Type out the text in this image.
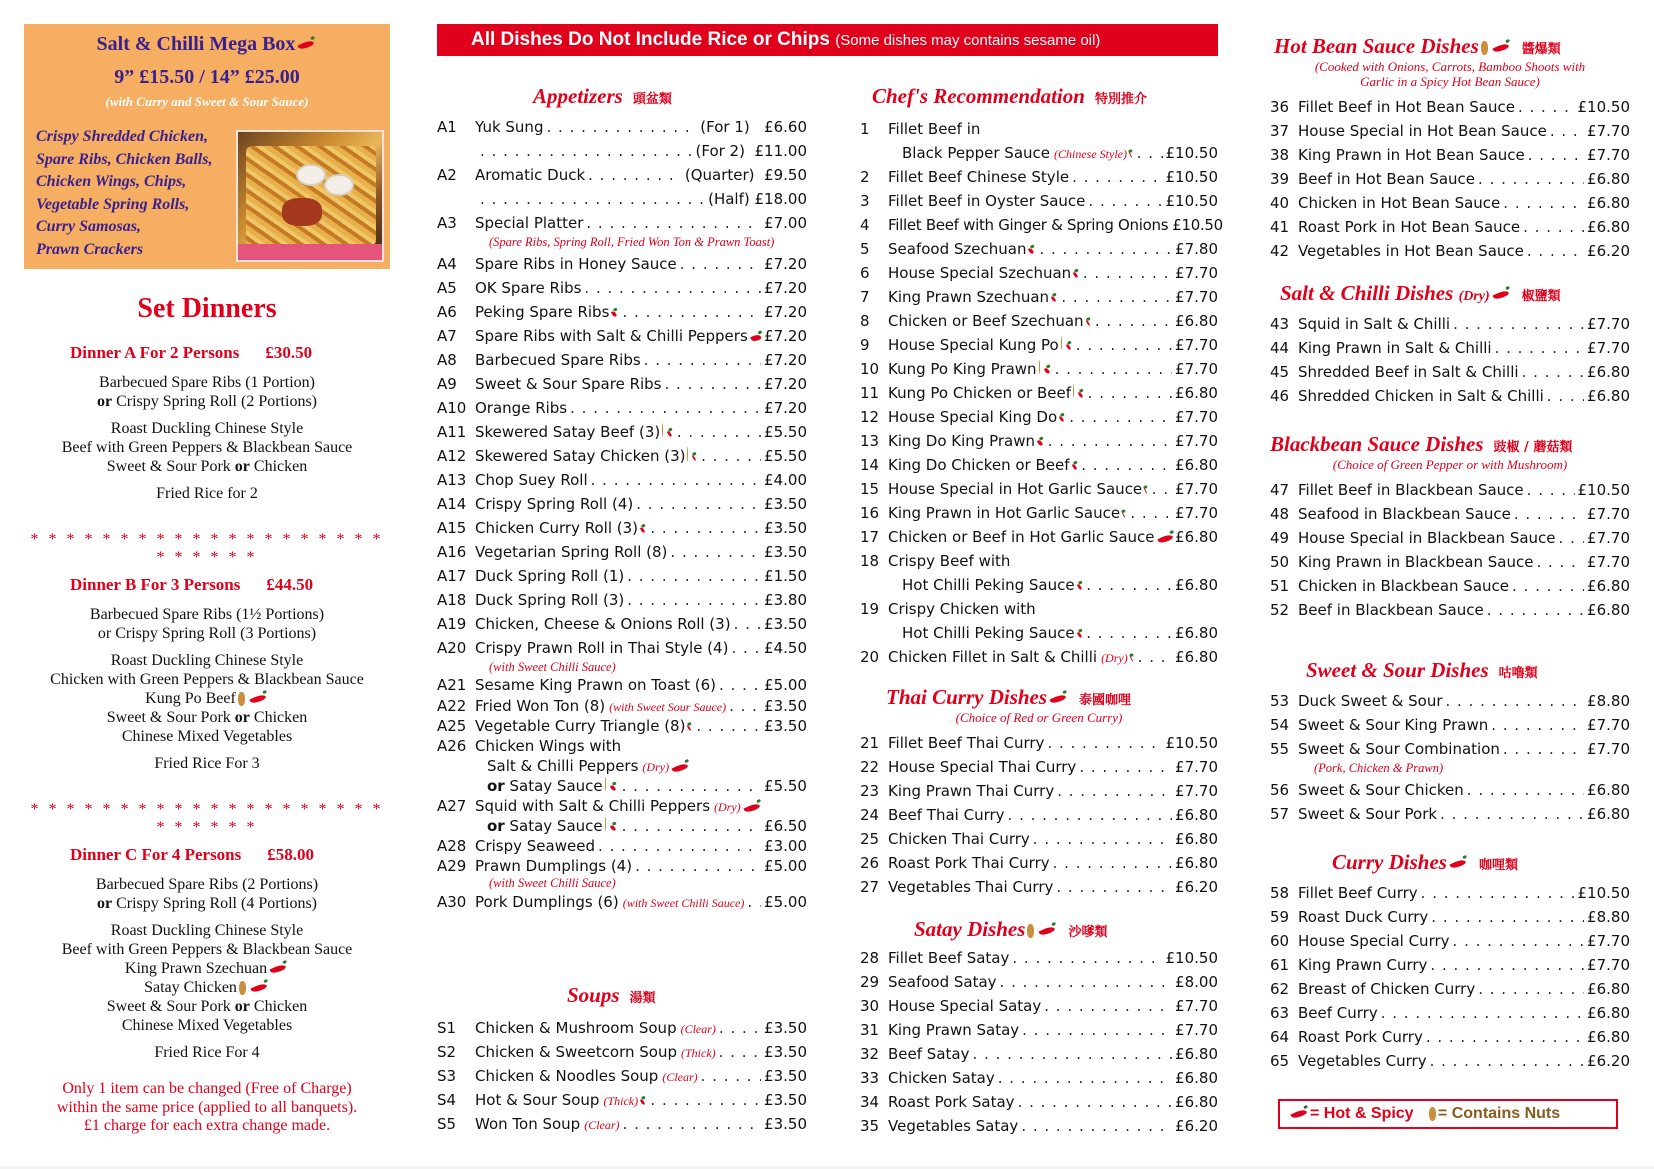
Salt & Chilli Mega Box
9” £15.50 / 14” £25.00
(with Curry and Sweet & Sour Sauce)
Crispy Shredded Chicken,
Spare Ribs, Chicken Balls,
Chicken Wings, Chips,
Vegetable Spring Rolls,
Curry Samosas,
Prawn Crackers
Set Dinners
Dinner A For 2 Persons £30.50
Barbecued Spare Ribs (1 Portion)
or Crispy Spring Roll (2 Portions)
Roast Duckling Chinese Style
Beef with Green Peppers & Blackbean Sauce
Sweet & Sour Pork or Chicken
Fried Rice for 2
* * * * * * * * * * * * * * * * * * * * * * * * * *
Dinner B For 3 Persons £44.50
Barbecued Spare Ribs (1½ Portions)
or Crispy Spring Roll (3 Portions)
Roast Duckling Chinese Style
Chicken with Green Peppers & Blackbean Sauce
Kung Po Beef
Sweet & Sour Pork or Chicken
Chinese Mixed Vegetables
Fried Rice For 3
* * * * * * * * * * * * * * * * * * * * * * * * * *
Dinner C For 4 Persons £58.00
Barbecued Spare Ribs (2 Portions)
or Crispy Spring Roll (4 Portions)
Roast Duckling Chinese Style
Beef with Green Peppers & Blackbean Sauce
King Prawn Szechuan
Satay Chicken
Sweet & Sour Pork or Chicken
Chinese Mixed Vegetables
Fried Rice For 4
Only 1 item can be changed (Free of Charge)
within the same price (applied to all banquets).
£1 charge for each extra change made.
All Dishes Do Not Include Rice or Chips (Some dishes may contains sesame oil)
Appetizers 頭盆類
A1	Yuk Sung . . .	(For 1) £6.60
. . .
(For 2) £11.00
A2	Aromatic Duck . . .	(Quarter) £9.50
. . .
(Half) £18.00
A3	Special Platter . . .	£7.00
(Spare Ribs, Spring Roll, Fried Won Ton & Prawn Toast)
A4	Spare Ribs in Honey Sauce . . .	£7.20
A5	OK Spare Ribs . . .	£7.20
A6	Peking Spare Ribs . . .	£7.20
A7	Spare Ribs with Salt & Chilli Peppers £7.20
A8	Barbecued Spare Ribs . . .	£7.20
A9	Sweet & Sour Spare Ribs . . .	£7.20
A10 Orange Ribs . . .	£7.20
A11 Skewered Satay Beef (3) . . .	£5.50
A12 Skewered Satay Chicken (3) . . .	£5.50
A13 Chop Suey Roll . . .	£4.00
A14 Crispy Spring Roll (4) . . .	£3.50
A15 Chicken Curry Roll (3) . . .	£3.50
A16 Vegetarian Spring Roll (8) . . .	£3.50
A17 Duck Spring Roll (1) . . .	£1.50
A18 Duck Spring Roll (3) . . .	£3.80
A19 Chicken, Cheese & Onions Roll (3) . . . £3.50
A20 Crispy Prawn Roll in Thai Style (4) . . . £4.50
(with Sweet Chilli Sauce)
A21 Sesame King Prawn on Toast (6) . . .	£5.00
A22 Fried Won Ton (8) (with Sweet Sour Sauce) . . .	£3.50
A25 Vegetable Curry Triangle (8) . . .	£3.50
A26 Chicken Wings with
Salt & Chilli Peppers (Dry)
or
Satay Sauce . . .	£5.50
A27 Squid with Salt & Chilli Peppers (Dry)
or
Satay Sauce . . .	£6.50
A28 Crispy Seaweed . . .	£3.00
A29 Prawn Dumplings (4) . . .	£5.00
(with Sweet Chilli Sauce)
A30 Pork Dumplings (6) (with Sweet Chilli Sauce) . . . £5.00
Soups 湯類
S1	Chicken & Mushroom Soup (Clear) . . .	£3.50
S2	Chicken & Sweetcorn Soup (Thick) . . .	£3.50
S3	Chicken & Noodles Soup (Clear) . . .	£3.50
S4	Hot & Sour Soup (Thick) . . .	£3.50
S5	Won Ton Soup (Clear) . . .	£3.50
Chef's Recommendation 特別推介
1	Fillet Beef in
Black Pepper Sauce (Chinese Style) . . .	£10.50
2	Fillet Beef Chinese Style . . .	£10.50
3	Fillet Beef in Oyster Sauce . . .	£10.50
4	Fillet Beef with Ginger & Spring Onions £10.50
5	Seafood Szechuan . . .	£7.80
6	House Special Szechuan . . .	£7.70
7	King Prawn Szechuan . . .	£7.70
8	Chicken or Beef Szechuan . . .	£6.80
9	House Special Kung Po . . .	£7.70
10 Kung Po King Prawn . . .	£7.70
11 Kung Po Chicken or Beef . . .	£6.80
12 House Special King Do . . .	£7.70
13 King Do King Prawn . . .	£7.70
14 King Do Chicken or Beef . . .	£6.80
15 House Special in Hot Garlic Sauce . . . £7.70
16 King Prawn in Hot Garlic Sauce . . .	£7.70
17 Chicken or Beef in Hot Garlic Sauce £6.80
18 Crispy Beef with
Hot Chilli Peking Sauce . . .	£6.80
19 Crispy Chicken with
Hot Chilli Peking Sauce . . .	£6.80
20 Chicken Fillet in Salt & Chilli (Dry) . . .	£6.80
Thai Curry Dishes 泰國咖哩
(Choice of Red or Green Curry)
21 Fillet Beef Thai Curry . . .	£10.50
22 House Special Thai Curry . . .	£7.70
23 King Prawn Thai Curry . . .	£7.70
24 Beef Thai Curry . . .	£6.80
25 Chicken Thai Curry . . .	£6.80
26 Roast Pork Thai Curry . . .	£6.80
27 Vegetables Thai Curry . . .	£6.20
Satay Dishes	沙嗲類
28 Fillet Beef Satay . . .	£10.50
29 Seafood Satay . . .	£8.00
30 House Special Satay . . .	£7.70
31 King Prawn Satay . . .	£7.70
32 Beef Satay . . .	£6.80
33 Chicken Satay . . .	£6.80
34 Roast Pork Satay . . .	£6.80
35 Vegetables Satay . . .	£6.20
Hot Bean Sauce Dishes	醬爆類
(Cooked with Onions, Carrots, Bamboo Shoots with
Garlic in a Spicy Hot Bean Sauce)
36 Fillet Beef in Hot Bean Sauce . . .	£10.50
37 House Special in Hot Bean Sauce . . .	£7.70
38 King Prawn in Hot Bean Sauce . . .	£7.70
39 Beef in Hot Bean Sauce . . .	£6.80
40 Chicken in Hot Bean Sauce . . .	£6.80
41 Roast Pork in Hot Bean Sauce . . .	£6.80
42 Vegetables in Hot Bean Sauce . . .	£6.20
Salt & Chilli Dishes (Dry) 椒鹽類
43 Squid in Salt & Chilli . . .	£7.70
44 King Prawn in Salt & Chilli . . .	£7.70
45 Shredded Beef in Salt & Chilli . . .	£6.80
46 Shredded Chicken in Salt & Chilli . . .	£6.80
Blackbean Sauce Dishes 豉椒 / 蘑菇類
(Choice of Green Pepper or with Mushroom)
47 Fillet Beef in Blackbean Sauce . . .	£10.50
48 Seafood in Blackbean Sauce . . .	£7.70
49 House Special in Blackbean Sauce . . . £7.70
50 King Prawn in Blackbean Sauce . . .	£7.70
51 Chicken in Blackbean Sauce . . .	£6.80
52 Beef in Blackbean Sauce . . .	£6.80
Sweet & Sour Dishes 咕嚕類
53 Duck Sweet & Sour . . .	£8.80
54 Sweet & Sour King Prawn . . .	£7.70
55 Sweet & Sour Combination . . .	£7.70
(Pork, Chicken & Prawn)
56 Sweet & Sour Chicken . . .	£6.80
57 Sweet & Sour Pork . . .	£6.80
Curry Dishes 咖哩類
58 Fillet Beef Curry . . .	£10.50
59 Roast Duck Curry . . .	£8.80
60 House Special Curry . . .	£7.70
61 King Prawn Curry . . .	£7.70
62 Breast of Chicken Curry . . .	£6.80
63 Beef Curry . . .	£6.80
64 Roast Pork Curry . . .	£6.80
65 Vegetables Curry . . .	£6.20
= Hot & Spicy = Contains Nuts
